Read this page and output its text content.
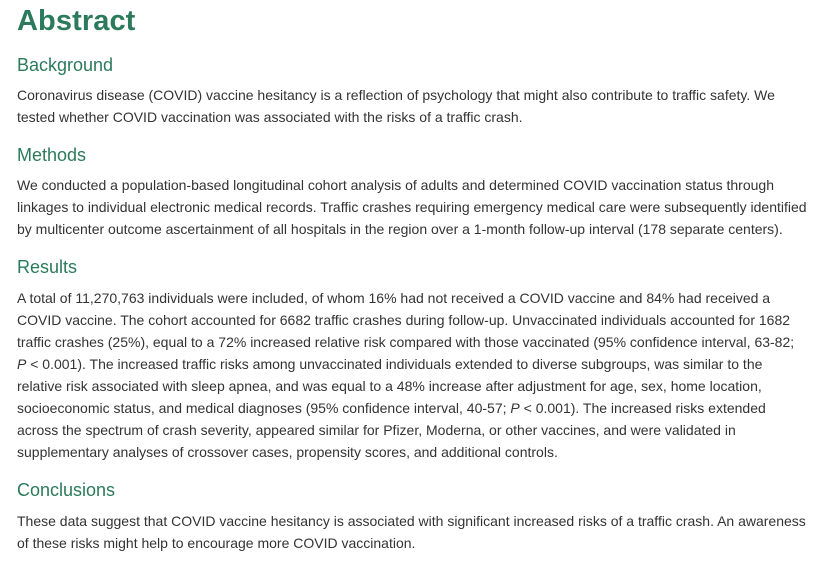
Abstract
Background

Coronavirus disease (COVID) vaccine hesitancy is a reflection of psychology that might also contribute to traffic safety. We tested whether COVID vaccination was associated with the risks of a traffic crash.

Methods

We conducted a population-based longitudinal cohort analysis of adults and determined COVID vaccination status through linkages to individual electronic medical records. Traffic crashes requiring emergency medical care were subsequently identified by multicenter outcome ascertainment of all hospitals in the region over a 1-month follow-up interval (178 separate centers).

Results

A total of 11,270,763 individuals were included, of whom 16% had not received a COVID vaccine and 84% had received a COVID vaccine. The cohort accounted for 6682 traffic crashes during follow-up. Unvaccinated individuals accounted for 1682 traffic crashes (25%), equal to a 72% increased relative risk compared with those vaccinated (95% confidence interval, 63-82; P < 0.001). The increased traffic risks among unvaccinated individuals extended to diverse subgroups, was similar to the relative risk associated with sleep apnea, and was equal to a 48% increase after adjustment for age, sex, home location, socioeconomic status, and medical diagnoses (95% confidence interval, 40-57; P < 0.001). The increased risks extended across the spectrum of crash severity, appeared similar for Pfizer, Moderna, or other vaccines, and were validated in supplementary analyses of crossover cases, propensity scores, and additional controls.

Conclusions

These data suggest that COVID vaccine hesitancy is associated with significant increased risks of a traffic crash. An awareness of these risks might help to encourage more COVID vaccination.
